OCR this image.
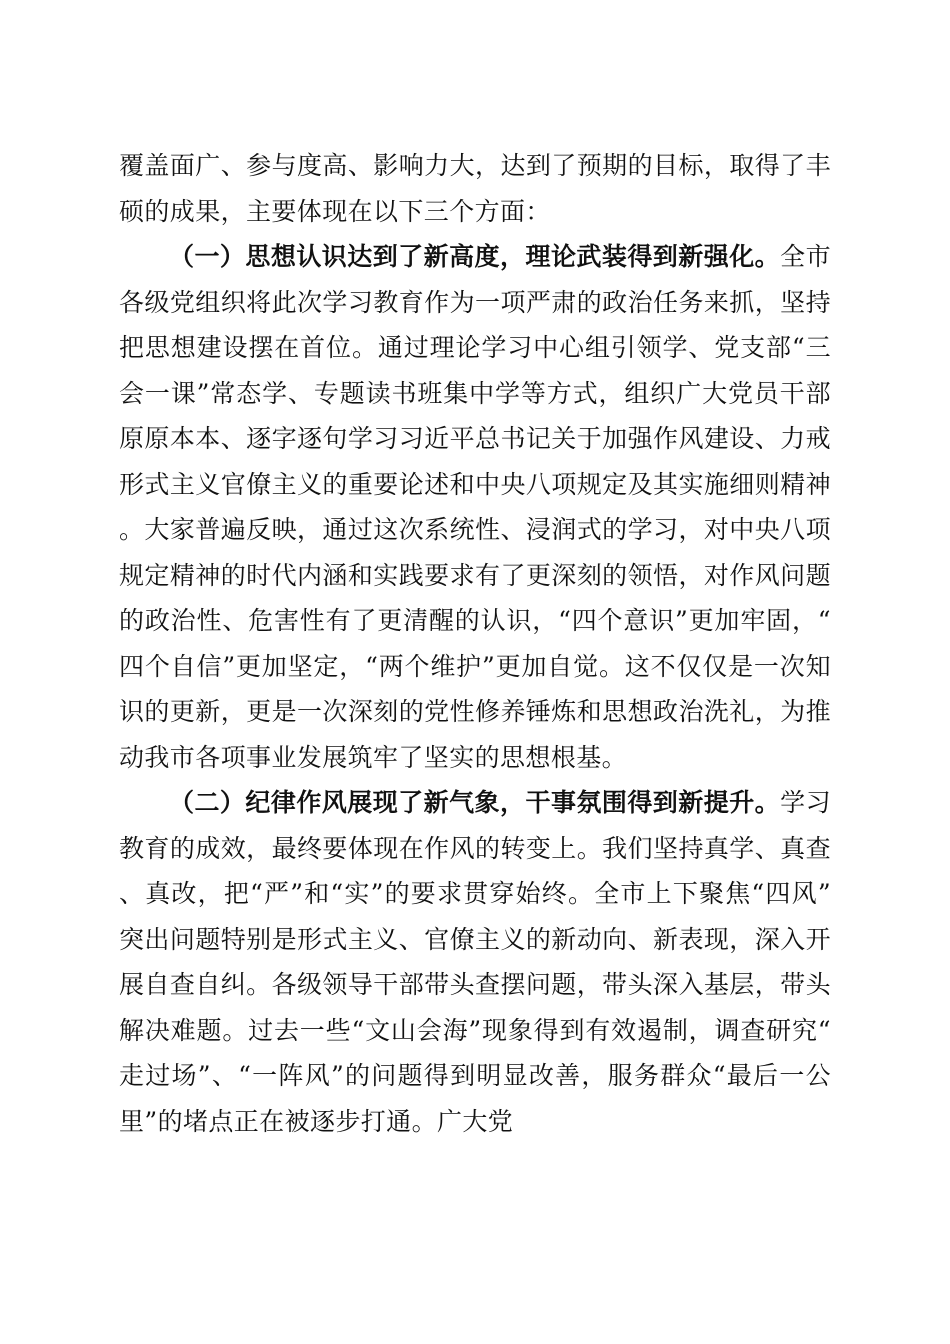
覆盖面广、参与度高、影响力大，达到了预期的目标，取得了丰硕的成果，主要体现在以下三个方面：

（一）思想认识达到了新高度，理论武装得到新强化。全市各级党组织将此次学习教育作为一项严肃的政治任务来抓，坚持把思想建设摆在首位。通过理论学习中心组引领学、党支部“三会一课”常态学、专题读书班集中学等方式，组织广大党员干部原原本本、逐字逐句学习习近平总书记关于加强作风建设、力戒形式主义官僚主义的重要论述和中央八项规定及其实施细则精神。大家普遍反映，通过这次系统性、浸润式的学习，对中央八项规定精神的时代内涵和实践要求有了更深刻的领悟，对作风问题的政治性、危害性有了更清醒的认识，“四个意识”更加牢固，“四个自信”更加坚定，“两个维护”更加自觉。这不仅仅是一次知识的更新，更是一次深刻的党性修养锤炼和思想政治洗礼，为推动我市各项事业发展筑牢了坚实的思想根基。

（二）纪律作风展现了新气象，干事氛围得到新提升。学习教育的成效，最终要体现在作风的转变上。我们坚持真学、真查、真改，把“严”和“实”的要求贯穿始终。全市上下聚焦“四风”突出问题特别是形式主义、官僚主义的新动向、新表现，深入开展自查自纠。各级领导干部带头查摆问题，带头深入基层，带头解决难题。过去一些“文山会海”现象得到有效遏制，调查研究“走过场”、“一阵风”的问题得到明显改善，服务群众“最后一公里”的堵点正在被逐步打通。广大党
